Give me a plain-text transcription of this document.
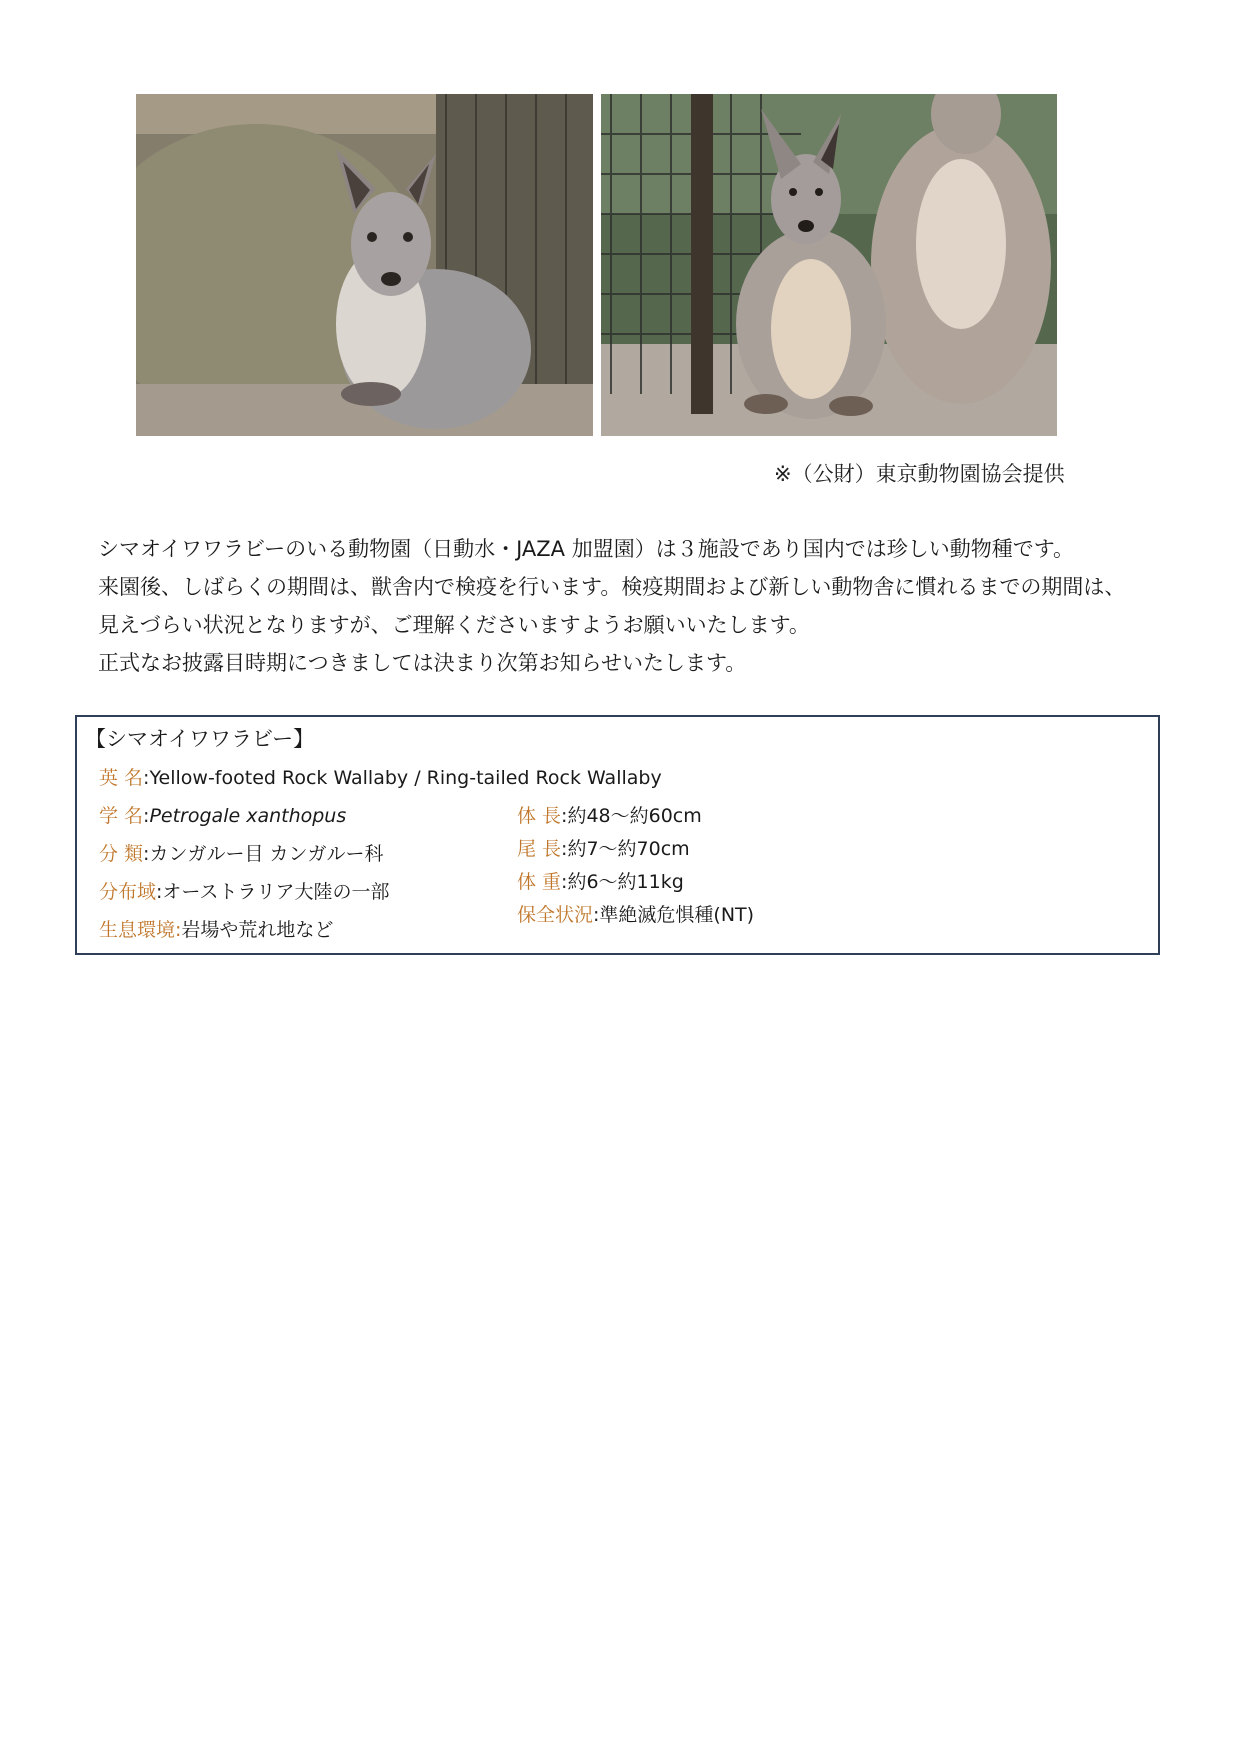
※（公財）東京動物園協会提供

シマオイワワラビーのいる動物園（日動水・JAZA 加盟園）は３施設であり国内では珍しい動物種です。

来園後、しばらくの期間は、獣舎内で検疫を行います。検疫期間および新しい動物舎に慣れるまでの期間は、

見えづらい状況となりますが、ご理解くださいますようお願いいたします。

正式なお披露目時期につきましては決まり次第お知らせいたします。

【シマオイワワラビー】
英 名:Yellow-footed Rock Wallaby / Ring-tailed Rock Wallaby
学 名:Petrogale xanthopus
分 類:カンガルー目 カンガルー科
分布域:オーストラリア大陸の一部
生息環境:岩場や荒れ地など
体 長:約48～約60cm
尾 長:約7～約70cm
体 重:約6～約11kg
保全状況:準絶滅危惧種(NT)
